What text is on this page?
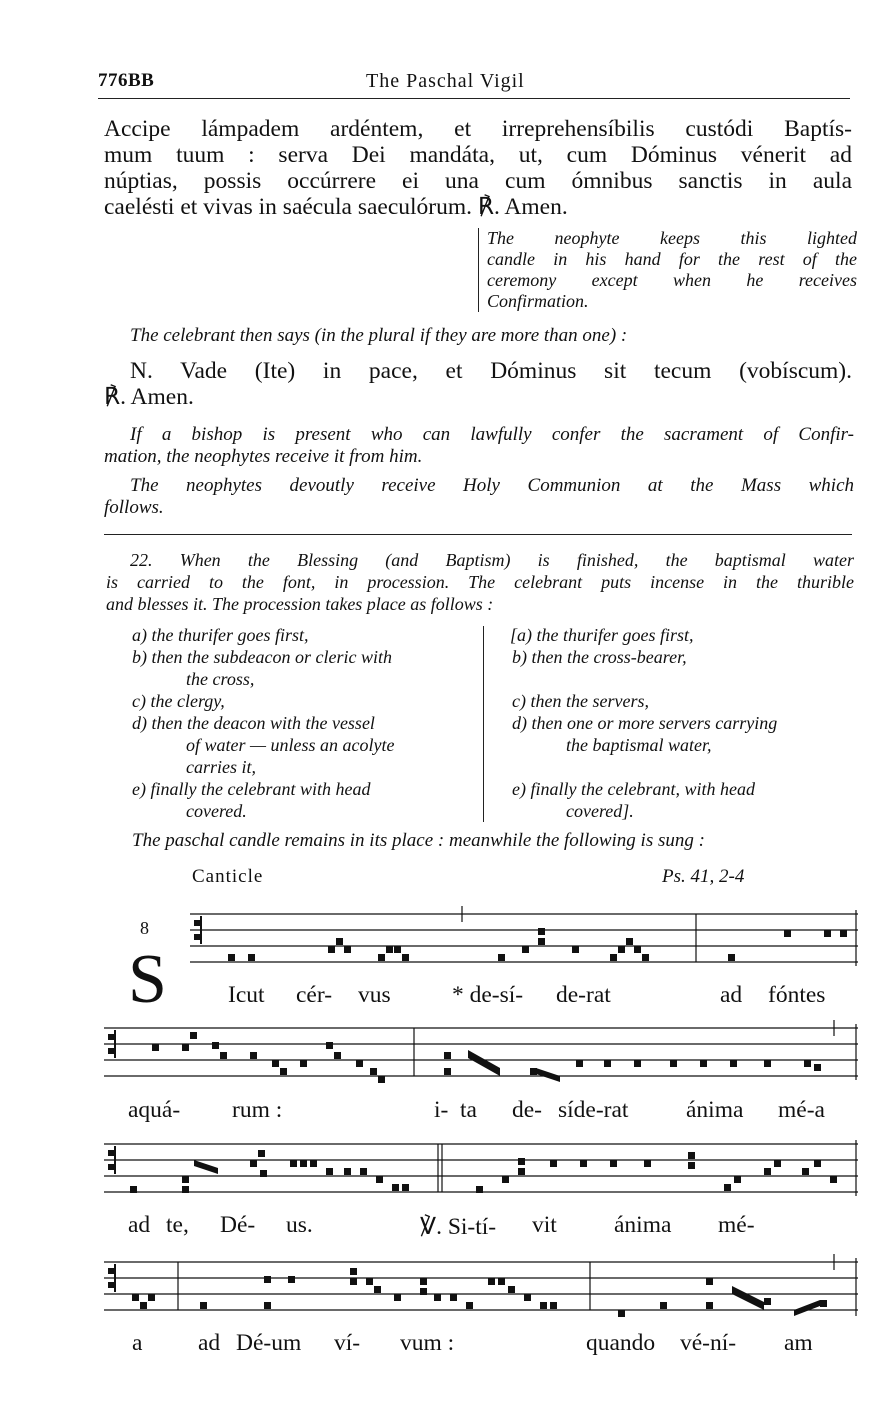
776BB	The Paschal Vigil
Accipe lámpadem ardéntem, et irreprehensíbilis custódi Baptís-
mum tuum : serva Dei mandáta, ut, cum Dóminus vénerit ad
núptias, possis occúrrere ei una cum ómnibus sanctis in aula
caelésti et vivas in saécula saeculórum. ℟. Amen.
The neophyte keeps this lighted
candle in his hand for the rest of the
ceremony except when he receives
Confirmation.
The celebrant then says (in the plural if they are more than one) :
N. Vade (Ite) in pace, et Dóminus sit tecum (vobíscum).
℟. Amen.
If a bishop is present who can lawfully confer the sacrament of Confir-
mation, the neophytes receive it from him.
The neophytes devoutly receive Holy Communion at the Mass which
follows.
22. When the Blessing (and Baptism) is finished, the baptismal water
is carried to the font, in procession. The celebrant puts incense in the thurible
and blesses it. The procession takes place as follows :
a) the thurifer goes first,
b) then the subdeacon or cleric with
the cross,
c) the clergy,
d) then the deacon with the vessel
of water — unless an acolyte
carries it,
e) finally the celebrant with head
covered.
[a) the thurifer goes first,
b) then the cross-bearer,
c) then the servers,
d) then one or more servers carrying
the baptismal water,
e) finally the celebrant, with head
covered].
The paschal candle remains in its place : meanwhile the following is sung :
Canticle	Ps. 41, 2-4
8
S	Icut cér- vus	* de-sí- de-rat	ad fóntes
aquá- rum :	i- ta de- síde-rat ánima mé-a
ad te, Dé- us.	℣. Si-tí- vit ánima mé-
a ad Dé-um ví- vum :	quando vé-ní- am
